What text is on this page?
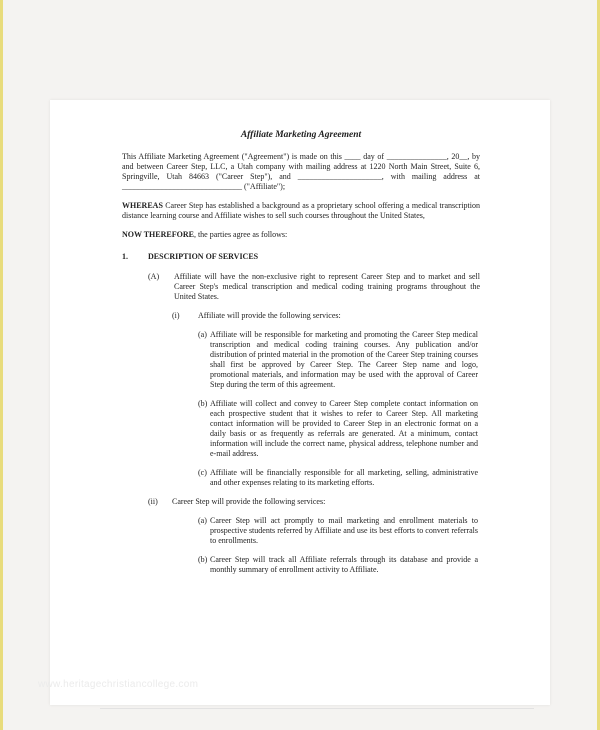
Affiliate Marketing Agreement

This Affiliate Marketing Agreement ("Agreement") is made on this ____ day of _______________, 20__, by and between Career Step, LLC, a Utah company with mailing address at 1220 North Main Street, Suite 6, Springville, Utah 84663 ("Career Step"), and _____________________, with mailing address at ______________________________ ("Affiliate");

WHEREAS Career Step has established a background as a proprietary school offering a medical transcription distance learning course and Affiliate wishes to sell such courses throughout the United States,

NOW THEREFORE, the parties agree as follows:

1.	DESCRIPTION OF SERVICES
(A)	Affiliate will have the non-exclusive right to represent Career Step and to market and sell Career Step's medical transcription and medical coding training programs throughout the United States.
(i)	Affiliate will provide the following services:
(a) Affiliate will be responsible for marketing and promoting the Career Step medical transcription and medical coding training courses. Any publication and/or distribution of printed material in the promotion of the Career Step training courses shall first be approved by Career Step. The Career Step name and logo, promotional materials, and information may be used with the approval of Career Step during the term of this agreement.
(b) Affiliate will collect and convey to Career Step complete contact information on each prospective student that it wishes to refer to Career Step. All marketing contact information will be provided to Career Step in an electronic format on a daily basis or as frequently as referrals are generated. At a minimum, contact information will include the correct name, physical address, telephone number and e-mail address.
(c) Affiliate will be financially responsible for all marketing, selling, administrative and other expenses relating to its marketing efforts.
(ii)	Career Step will provide the following services:
(a) Career Step will act promptly to mail marketing and enrollment materials to prospective students referred by Affiliate and use its best efforts to convert referrals to enrollments.
(b) Career Step will track all Affiliate referrals through its database and provide a monthly summary of enrollment activity to Affiliate.
www.heritagechristiancollege.com
